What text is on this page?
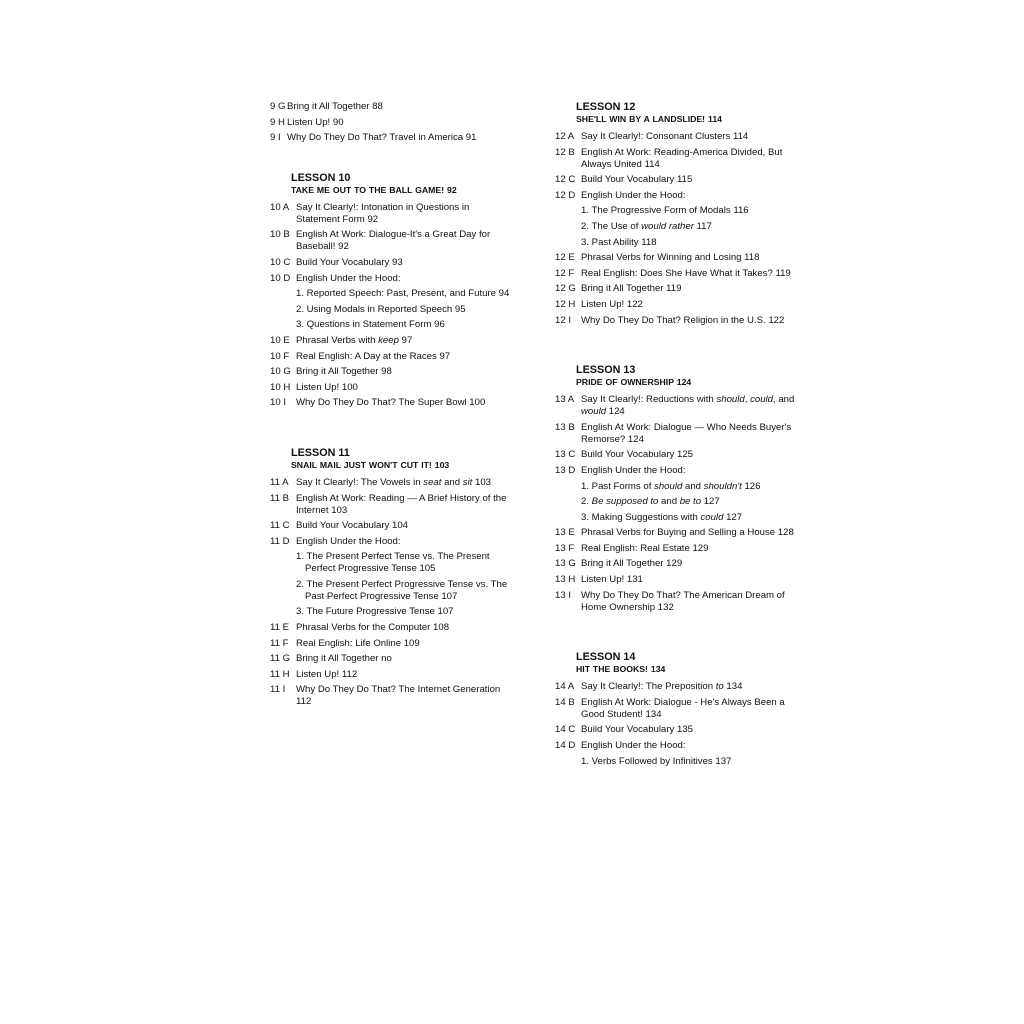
9 G Bring it All Together 88
9 H Listen Up! 90
9 I Why Do They Do That? Travel in America 91
LESSON 10
TAKE ME OUT TO THE BALL GAME! 92
10 A Say It Clearly!: Intonation in Questions in Statement Form 92
10 B English At Work: Dialogue-It's a Great Day for Baseball! 92
10 C Build Your Vocabulary 93
10 D English Under the Hood:
1. Reported Speech: Past, Present, and Future 94
2. Using Modals in Reported Speech 95
3. Questions in Statement Form 96
10 E Phrasal Verbs with keep 97
10 F Real English: A Day at the Races 97
10 G Bring it All Together 98
10 H Listen Up! 100
10 I	Why Do They Do That? The Super Bowl 100
LESSON 11
SNAIL MAIL JUST WON'T CUT IT! 103
11 A Say It Clearly!: The Vowels in seat and sit 103
11 B English At Work: Reading — A Brief History of the Internet 103
11 C Build Your Vocabulary 104
11 D English Under the Hood:
1. The Present Perfect Tense vs. The Present Perfect Progressive Tense 105
2. The Present Perfect Progressive Tense vs. The Past Perfect Progressive Tense 107
3. The Future Progressive Tense 107
11 E Phrasal Verbs for the Computer 108
11 F Real English: Life Online 109
11 G Bring it All Together no
11 H Listen Up! 112
11 I	Why Do They Do That? The Internet Generation 112
LESSON 12
SHE'LL WIN BY A LANDSLIDE! 114
12 A Say It Clearly!: Consonant Clusters 114
12 B English At Work: Reading-America Divided, But Always United 114
12 C Build Your Vocabulary 115
12 D English Under the Hood:
1. The Progressive Form of Modals 116
2. The Use of would rather 117
3. Past Ability 118
12 E Phrasal Verbs for Winning and Losing 118
12 F Real English: Does She Have What it Takes? 119
12 G Bring it All Together 119
12 H Listen Up! 122
12 I	Why Do They Do That? Religion in the U.S. 122
LESSON 13
PRIDE OF OWNERSHIP 124
13 A Say It Clearly!: Reductions with should, could, and would 124
13 B English At Work: Dialogue — Who Needs Buyer's Remorse? 124
13 C Build Your Vocabulary 125
13 D English Under the Hood:
1. Past Forms of should and shouldn't 126
2. Be supposed to and be to 127
3. Making Suggestions with could 127
13 E Phrasal Verbs for Buying and Selling a House 128
13 F Real English: Real Estate 129
13 G Bring it All Together 129
13 H Listen Up! 131
13 I	Why Do They Do That? The American Dream of Home Ownership 132
LESSON 14
HIT THE BOOKS! 134
14 A Say It Clearly!: The Preposition to 134
14 B English At Work: Dialogue - He's Always Been a Good Student! 134
14 C Build Your Vocabulary 135
14 D English Under the Hood:
1. Verbs Followed by Infinitives 137
